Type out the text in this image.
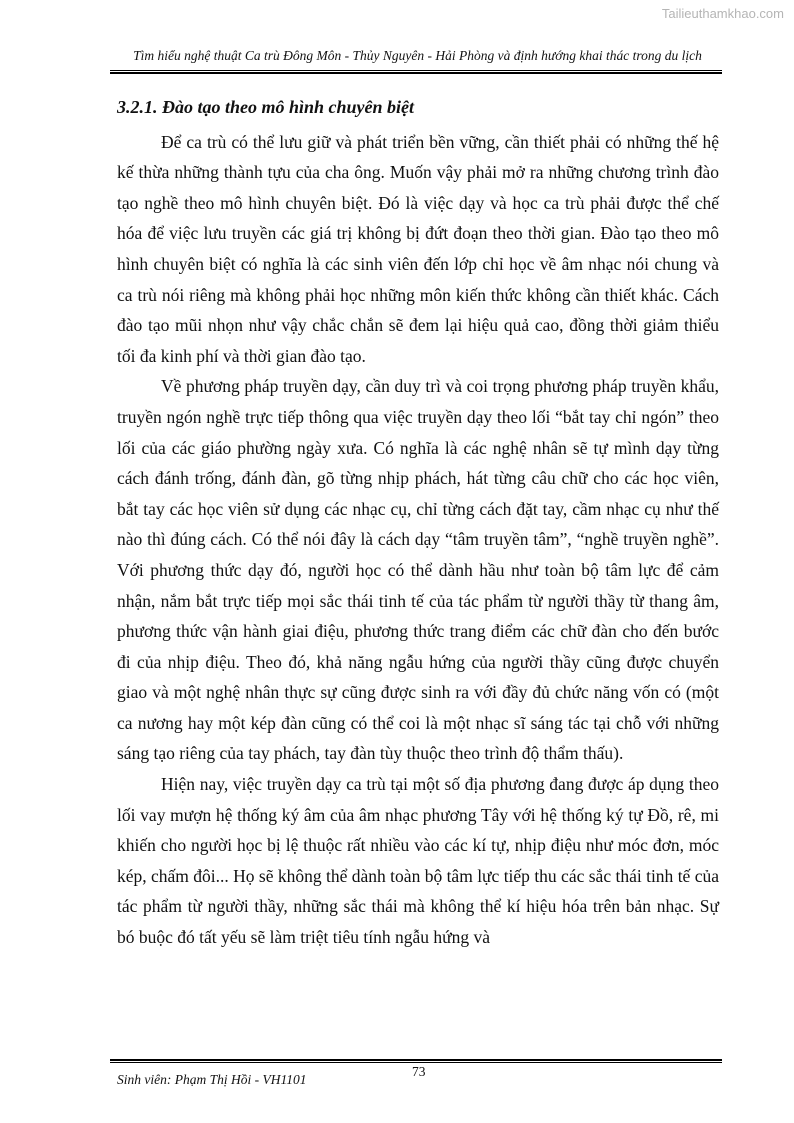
Tailieuthamkhao.com
Tìm hiểu nghệ thuật Ca trù Đông Môn - Thủy Nguyên - Hải Phòng và định hướng khai thác trong du lịch
3.2.1. Đào tạo theo mô hình chuyên biệt

Để ca trù có thể lưu giữ và phát triển bền vững, cần thiết phải có những thế hệ kế thừa những thành tựu của cha ông. Muốn vậy phải mở ra những chương trình đào tạo nghề theo mô hình chuyên biệt. Đó là việc dạy và học ca trù phải được thể chế hóa để việc lưu truyền các giá trị không bị đứt đoạn theo thời gian. Đào tạo theo mô hình chuyên biệt có nghĩa là các sinh viên đến lớp chỉ học về âm nhạc nói chung và ca trù nói riêng mà không phải học những môn kiến thức không cần thiết khác. Cách đào tạo mũi nhọn như vậy chắc chắn sẽ đem lại hiệu quả cao, đồng thời giảm thiểu tối đa kinh phí và thời gian đào tạo.

Về phương pháp truyền dạy, cần duy trì và coi trọng phương pháp truyền khẩu, truyền ngón nghề trực tiếp thông qua việc truyền dạy theo lối “bắt tay chỉ ngón” theo lối của các giáo phường ngày xưa. Có nghĩa là các nghệ nhân sẽ tự mình dạy từng cách đánh trống, đánh đàn, gõ từng nhịp phách, hát từng câu chữ cho các học viên, bắt tay các học viên sử dụng các nhạc cụ, chỉ từng cách đặt tay, cầm nhạc cụ như thế nào thì đúng cách. Có thể nói đây là cách dạy “tâm truyền tâm”, “nghề truyền nghề”. Với phương thức dạy đó, người học có thể dành hầu như toàn bộ tâm lực để cảm nhận, nắm bắt trực tiếp mọi sắc thái tinh tế của tác phẩm từ người thầy từ thang âm, phương thức vận hành giai điệu, phương thức trang điểm các chữ đàn cho đến bước đi của nhịp điệu. Theo đó, khả năng ngẫu hứng của người thầy cũng được chuyển giao và một nghệ nhân thực sự cũng được sinh ra với đầy đủ chức năng vốn có (một ca nương hay một kép đàn cũng có thể coi là một nhạc sĩ sáng tác tại chỗ với những sáng tạo riêng của tay phách, tay đàn tùy thuộc theo trình độ thẩm thấu).

Hiện nay, việc truyền dạy ca trù tại một số địa phương đang được áp dụng theo lối vay mượn hệ thống ký âm của âm nhạc phương Tây với hệ thống ký tự Đồ, rê, mi khiến cho người học bị lệ thuộc rất nhiều vào các kí tự, nhịp điệu như móc đơn, móc kép, chấm đôi... Họ sẽ không thể dành toàn bộ tâm lực tiếp thu các sắc thái tinh tế của tác phẩm từ người thầy, những sắc thái mà không thể kí hiệu hóa trên bản nhạc. Sự bó buộc đó tất yếu sẽ làm triệt tiêu tính ngẫu hứng và

Sinh viên: Phạm Thị Hồi - VH1101
73
